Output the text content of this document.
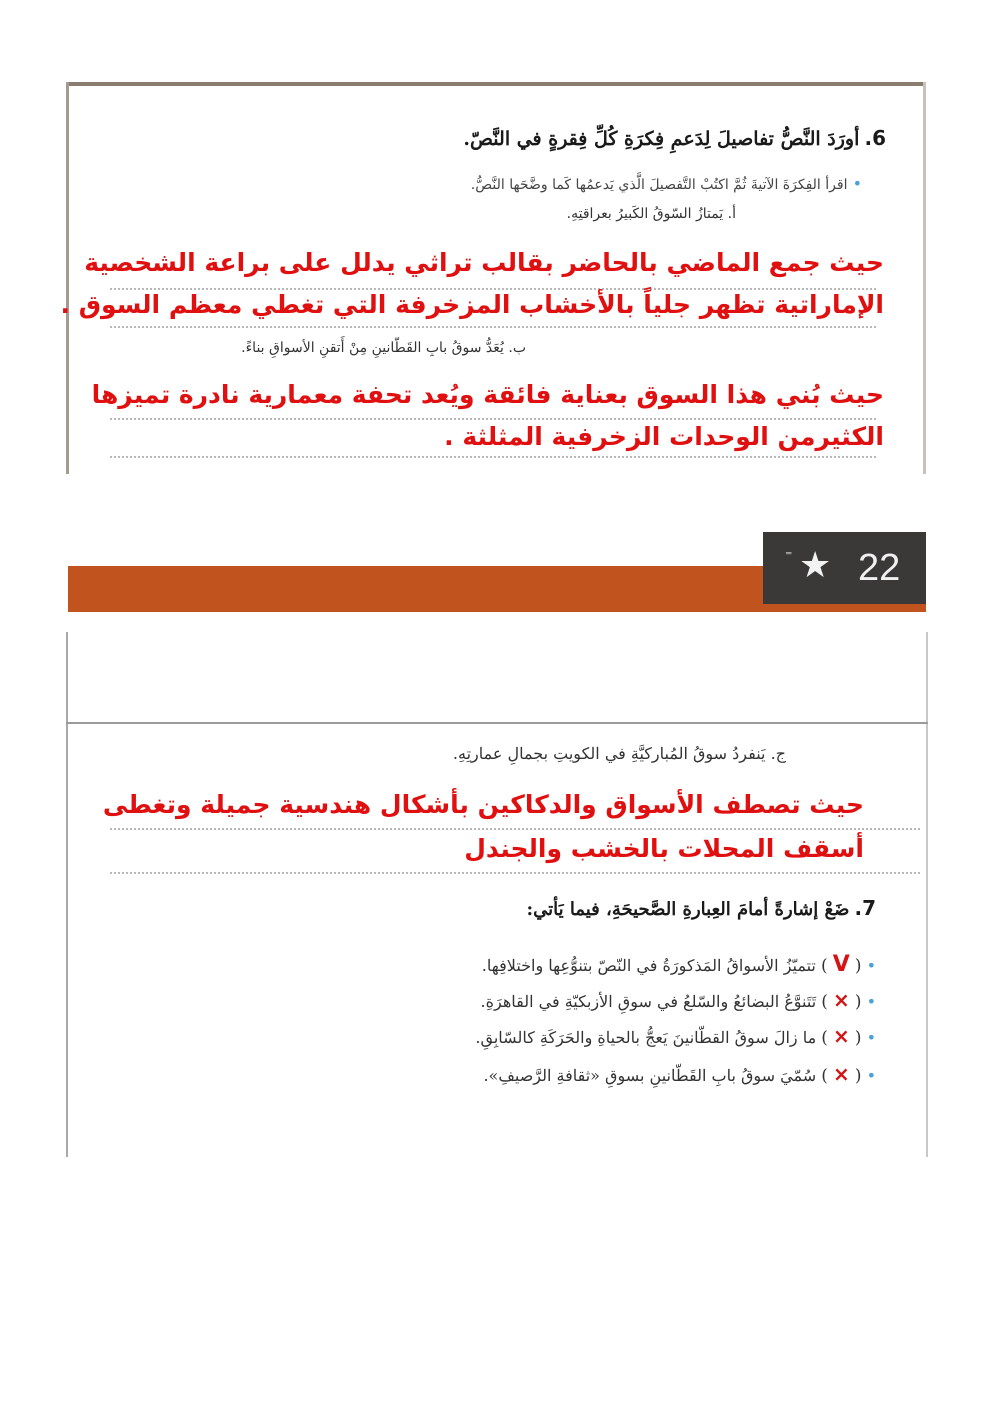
6. أورَدَ النَّصُّ تفاصيلَ لِدَعمِ فِكرَةِ كُلِّ فِقرةٍ في النَّصّ.
• اقرأ الفِكرَةَ الآتيةَ ثُمَّ اكتُبْ التَّفصيلَ الَّذي يَدعمُها كَما وضَّحَها النَّصُّ.
أ. يَمتازُ السّوقُ الكَبيرُ بعراقتِهِ.
حيث جمع الماضي بالحاضر بقالب تراثي يدلل على براعة الشخصية
الإماراتية تظهر جلياً بالأخشاب المزخرفة التي تغطي معظم السوق .
ب. يُعَدُّ سوقُ بابِ القَطّانينِ مِنْ أَتقنِ الأسواقِ بناءً.
حيث بُني هذا السوق بعناية فائقة ويُعد تحفة معمارية نادرة تميزها
الكثيرمن الوحدات الزخرفية المثلثة .
⁼ ★ 22
ج. يَنفردُ سوقُ المُباركيَّةِ في الكويتِ بجمالِ عمارتِهِ.
حيث تصطف الأسواق والدكاكين بأشكال هندسية جميلة وتغطى
أسقف المحلات بالخشب والجندل
7. ضَعْ إشارةً أمامَ العِبارةِ الصَّحيحَةِ، فيما يَأتي:
• ( V ) تتميّزُ الأسواقُ المَذكورَةُ في النّصّ بتنوُّعِها واختلافِها.
• ( × ) تَتَنوَّعُ البضائعُ والسّلعُ في سوقِ الأزبكيّةِ في القاهرَةِ.
• ( × ) ما زالَ سوقُ القطّانينَ يَعجُّ بالحياةِ والحَرَكَةِ كالسّابِقِ.
• ( × ) سُمّيَ سوقُ بابِ القَطّانينِ بسوقِ «ثقافةِ الرَّصيفِ».
